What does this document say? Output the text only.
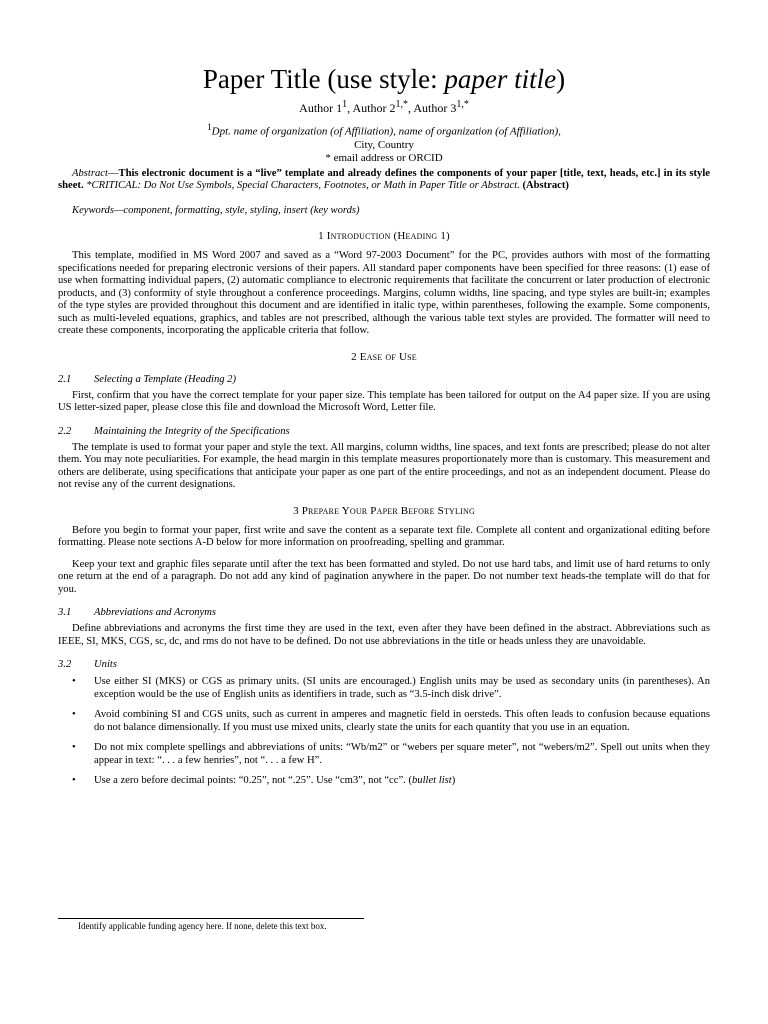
Paper Title (use style: paper title)
Author $1^1$, Author $2^{1,*}$, Author $3^{1,*}$
$^1$Dpt. name of organization (of Affiliation), name of organization (of Affiliation),
City, Country
* email address or ORCID

Abstract—This electronic document is a “live” template and already defines the components of your paper [title, text, heads, etc.] in its style sheet. *CRITICAL: Do Not Use Symbols, Special Characters, Footnotes, or Math in Paper Title or Abstract. (Abstract)

Keywords—component, formatting, style, styling, insert (key words)

1 Introduction (Heading 1)

This template, modified in MS Word 2007 and saved as a “Word 97-2003 Document” for the PC, provides authors with most of the formatting specifications needed for preparing electronic versions of their papers. All standard paper components have been specified for three reasons: (1) ease of use when formatting individual papers, (2) automatic compliance to electronic requirements that facilitate the concurrent or later production of electronic products, and (3) conformity of style throughout a conference proceedings. Margins, column widths, line spacing, and type styles are built-in; examples of the type styles are provided throughout this document and are identified in italic type, within parentheses, following the example. Some components, such as multi-leveled equations, graphics, and tables are not prescribed, although the various table text styles are provided. The formatter will need to create these components, incorporating the applicable criteria that follow.

2 Ease of Use
2.1 Selecting a Template (Heading 2)

First, confirm that you have the correct template for your paper size. This template has been tailored for output on the A4 paper size. If you are using US letter-sized paper, please close this file and download the Microsoft Word, Letter file.

2.2 Maintaining the Integrity of the Specifications

The template is used to format your paper and style the text. All margins, column widths, line spaces, and text fonts are prescribed; please do not alter them. You may note peculiarities. For example, the head margin in this template measures proportionately more than is customary. This measurement and others are deliberate, using specifications that anticipate your paper as one part of the entire proceedings, and not as an independent document. Please do not revise any of the current designations.

3 Prepare Your Paper Before Styling

Before you begin to format your paper, first write and save the content as a separate text file. Complete all content and organizational editing before formatting. Please note sections A-D below for more information on proofreading, spelling and grammar.

Keep your text and graphic files separate until after the text has been formatted and styled. Do not use hard tabs, and limit use of hard returns to only one return at the end of a paragraph. Do not add any kind of pagination anywhere in the paper. Do not number text heads-the template will do that for you.

3.1 Abbreviations and Acronyms

Define abbreviations and acronyms the first time they are used in the text, even after they have been defined in the abstract. Abbreviations such as IEEE, SI, MKS, CGS, sc, dc, and rms do not have to be defined. Do not use abbreviations in the title or heads unless they are unavoidable.

3.2 Units
• Use either SI (MKS) or CGS as primary units. (SI units are encouraged.) English units may be used as secondary units (in parentheses). An exception would be the use of English units as identifiers in trade, such as “3.5-inch disk drive”.
• Avoid combining SI and CGS units, such as current in amperes and magnetic field in oersteds. This often leads to confusion because equations do not balance dimensionally. If you must use mixed units, clearly state the units for each quantity that you use in an equation.
• Do not mix complete spellings and abbreviations of units: “Wb/m2” or “webers per square meter”, not “webers/m2”. Spell out units when they appear in text: “. . . a few henries”, not “. . . a few H”.
• Use a zero before decimal points: “0.25”, not “.25”. Use “cm3”, not “cc”. (bullet list)
Identify applicable funding agency here. If none, delete this text box.
